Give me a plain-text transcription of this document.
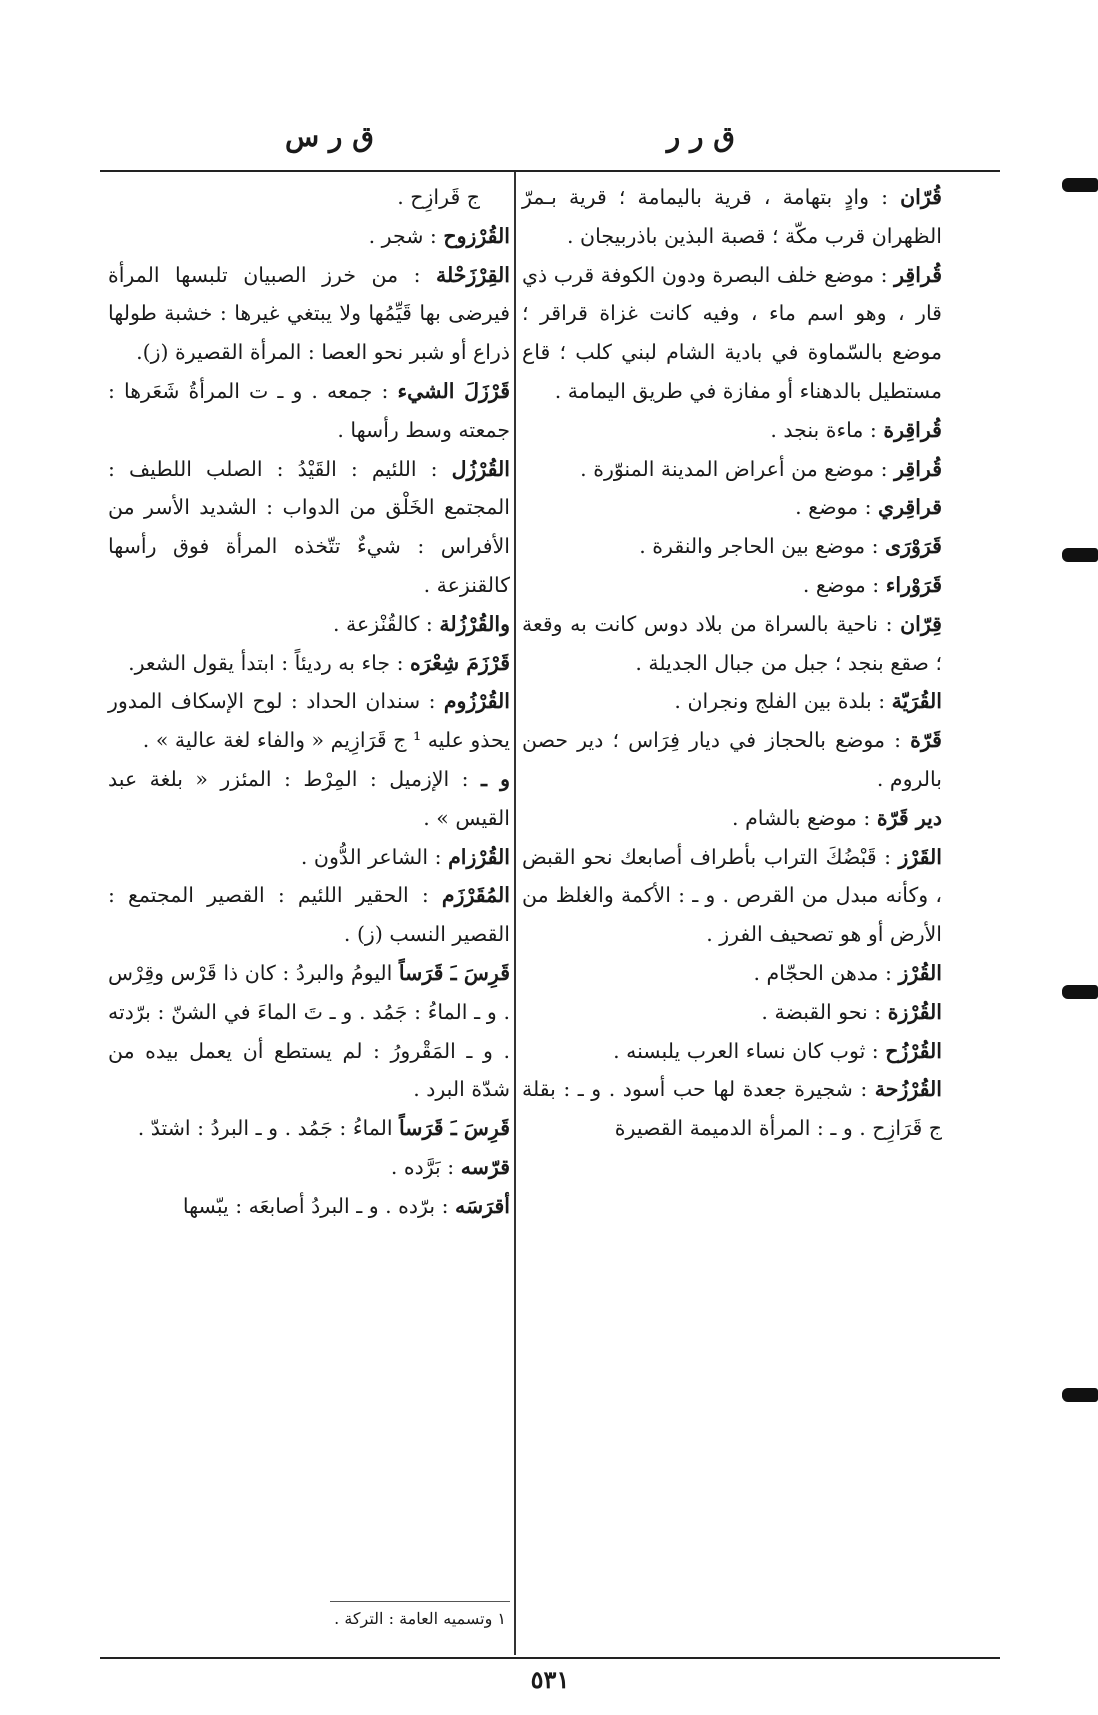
ق ر ر
ق ر س

قُرّان : وادٍ بتهامة ، قرية باليمامة ؛ قرية بـمرّ الظهران قرب مكّة ؛ قصبة البذين باذربيجان .

قُراقِر : موضع خلف البصرة ودون الكوفة قرب ذي قار ، وهو اسم ماء ، وفيه كانت غزاة قراقر ؛ موضع بالسّماوة في بادية الشام لبني كلب ؛ قاع مستطيل بالدهناء أو مفازة في طريق اليمامة .

قُراقِرة : ماءة بنجد .

قُراقِر : موضع من أعراض المدينة المنوّرة .

قراقِري : موضع .

قَرَوْرَى : موضع بين الحاجر والنقرة .

قَرَوْراء : موضع .

قِرّان : ناحية بالسراة من بلاد دوس كانت به وقعة ؛ صقع بنجد ؛ جبل من جبال الجديلة .

القُرَيّة : بلدة بين الفلج ونجران .

قَرّة : موضع بالحجاز في ديار فِرَاس ؛ دير حصن بالروم .

دير قَرّة : موضع بالشام .

القَرْز : قَبْضُكَ التراب بأطراف أصابعك نحو القبض ، وكأنه مبدل من القرص . و ـ : الأكمة والغلظ من الأرض أو هو تصحيف الفرز .

القُرْز : مدهن الحجّام .

القُرْزة : نحو القبضة .

القُرْزُح : ثوب كان نساء العرب يلبسنه .

القُرْزُحة : شجيرة جعدة لها حب أسود . و ـ : بقلة ج قَرَازِح . و ـ : المرأة الدميمة القصيرة

ج قَرازِح .

القُرْزوح : شجر .

القِرْزَحْلة : من خرز الصبيان تلبسها المرأة فيرضى بها قَيِّمُها ولا يبتغي غيرها : خشبة طولها ذراع أو شبر نحو العصا : المرأة القصيرة (ز).

قَرْزَلَ الشيء : جمعه . و ـ ت المرأةُ شَعَرها : جمعته وسط رأسها .

القُرْزُل : اللئيم : القَيْدُ : الصلب اللطيف : المجتمع الخَلْق من الدواب : الشديد الأسر من الأفراس : شيءٌ تتّخذه المرأة فوق رأسها كالقنزعة .

والقُرْزُلة : كالقُنْزعة .

قَرْزَمَ شِعْرَه : جاء به رديئاً : ابتدأ يقول الشعر.

القُرْزُوم : سندان الحداد : لوح الإسكاف المدور يحذو عليه ¹ ج قَرَازِيم « والفاء لغة عالية » .

و ـ : الإزميل : المِرْط : المئزر « بلغة عبد القيس » .

القُرْزام : الشاعر الدُّون .

المُقَرْزَم : الحقير اللئيم : القصير المجتمع : القصير النسب (ز) .

قَرِسَ ـَ قَرَساً اليومُ والبردُ : كان ذا قَرْس وقِرْس . و ـ الماءُ : جَمُد . و ـ تَ الماءَ في الشنّ : برّدته . و ـ المَقْرورُ : لم يستطع أن يعمل بيده من شدّة البرد .

قَرِسَ ـَ قَرَساً الماءُ : جَمُد . و ـ البردُ : اشتدّ .

قرّسه : بَرَّده .

أقرَسَه : برّده . و ـ البردُ أصابعَه : يبّسها

١ وتسميه العامة : التركة .
٥٣١
